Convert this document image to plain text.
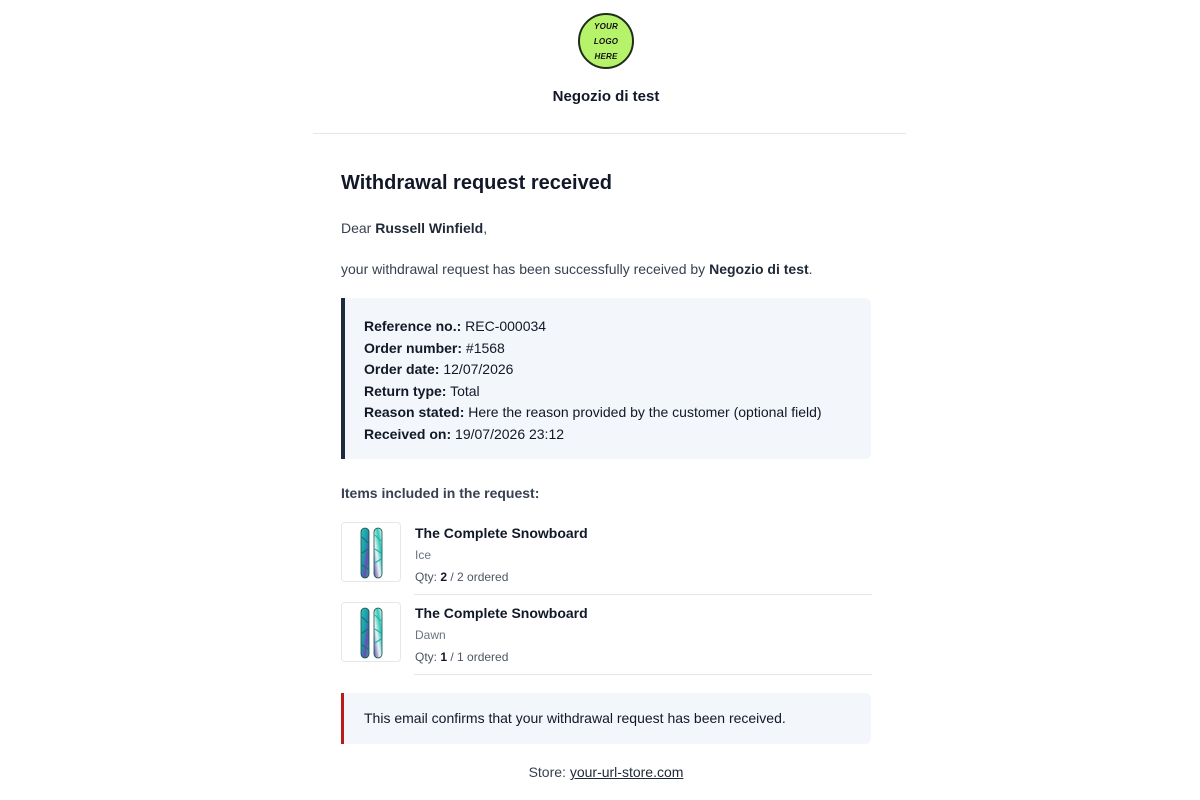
YOUR
LOGO
HERE
Negozio di test
Withdrawal request received
Dear Russell Winfield,
your withdrawal request has been successfully received by Negozio di test.
Reference no.: REC-000034
Order number: #1568
Order date: 12/07/2026
Return type: Total
Reason stated: Here the reason provided by the customer (optional field)
Received on: 19/07/2026 23:12
Items included in the request:
The Complete Snowboard
Ice
Qty: 2 / 2 ordered
The Complete Snowboard
Dawn
Qty: 1 / 1 ordered
This email confirms that your withdrawal request has been received.
Store: your-url-store.com
